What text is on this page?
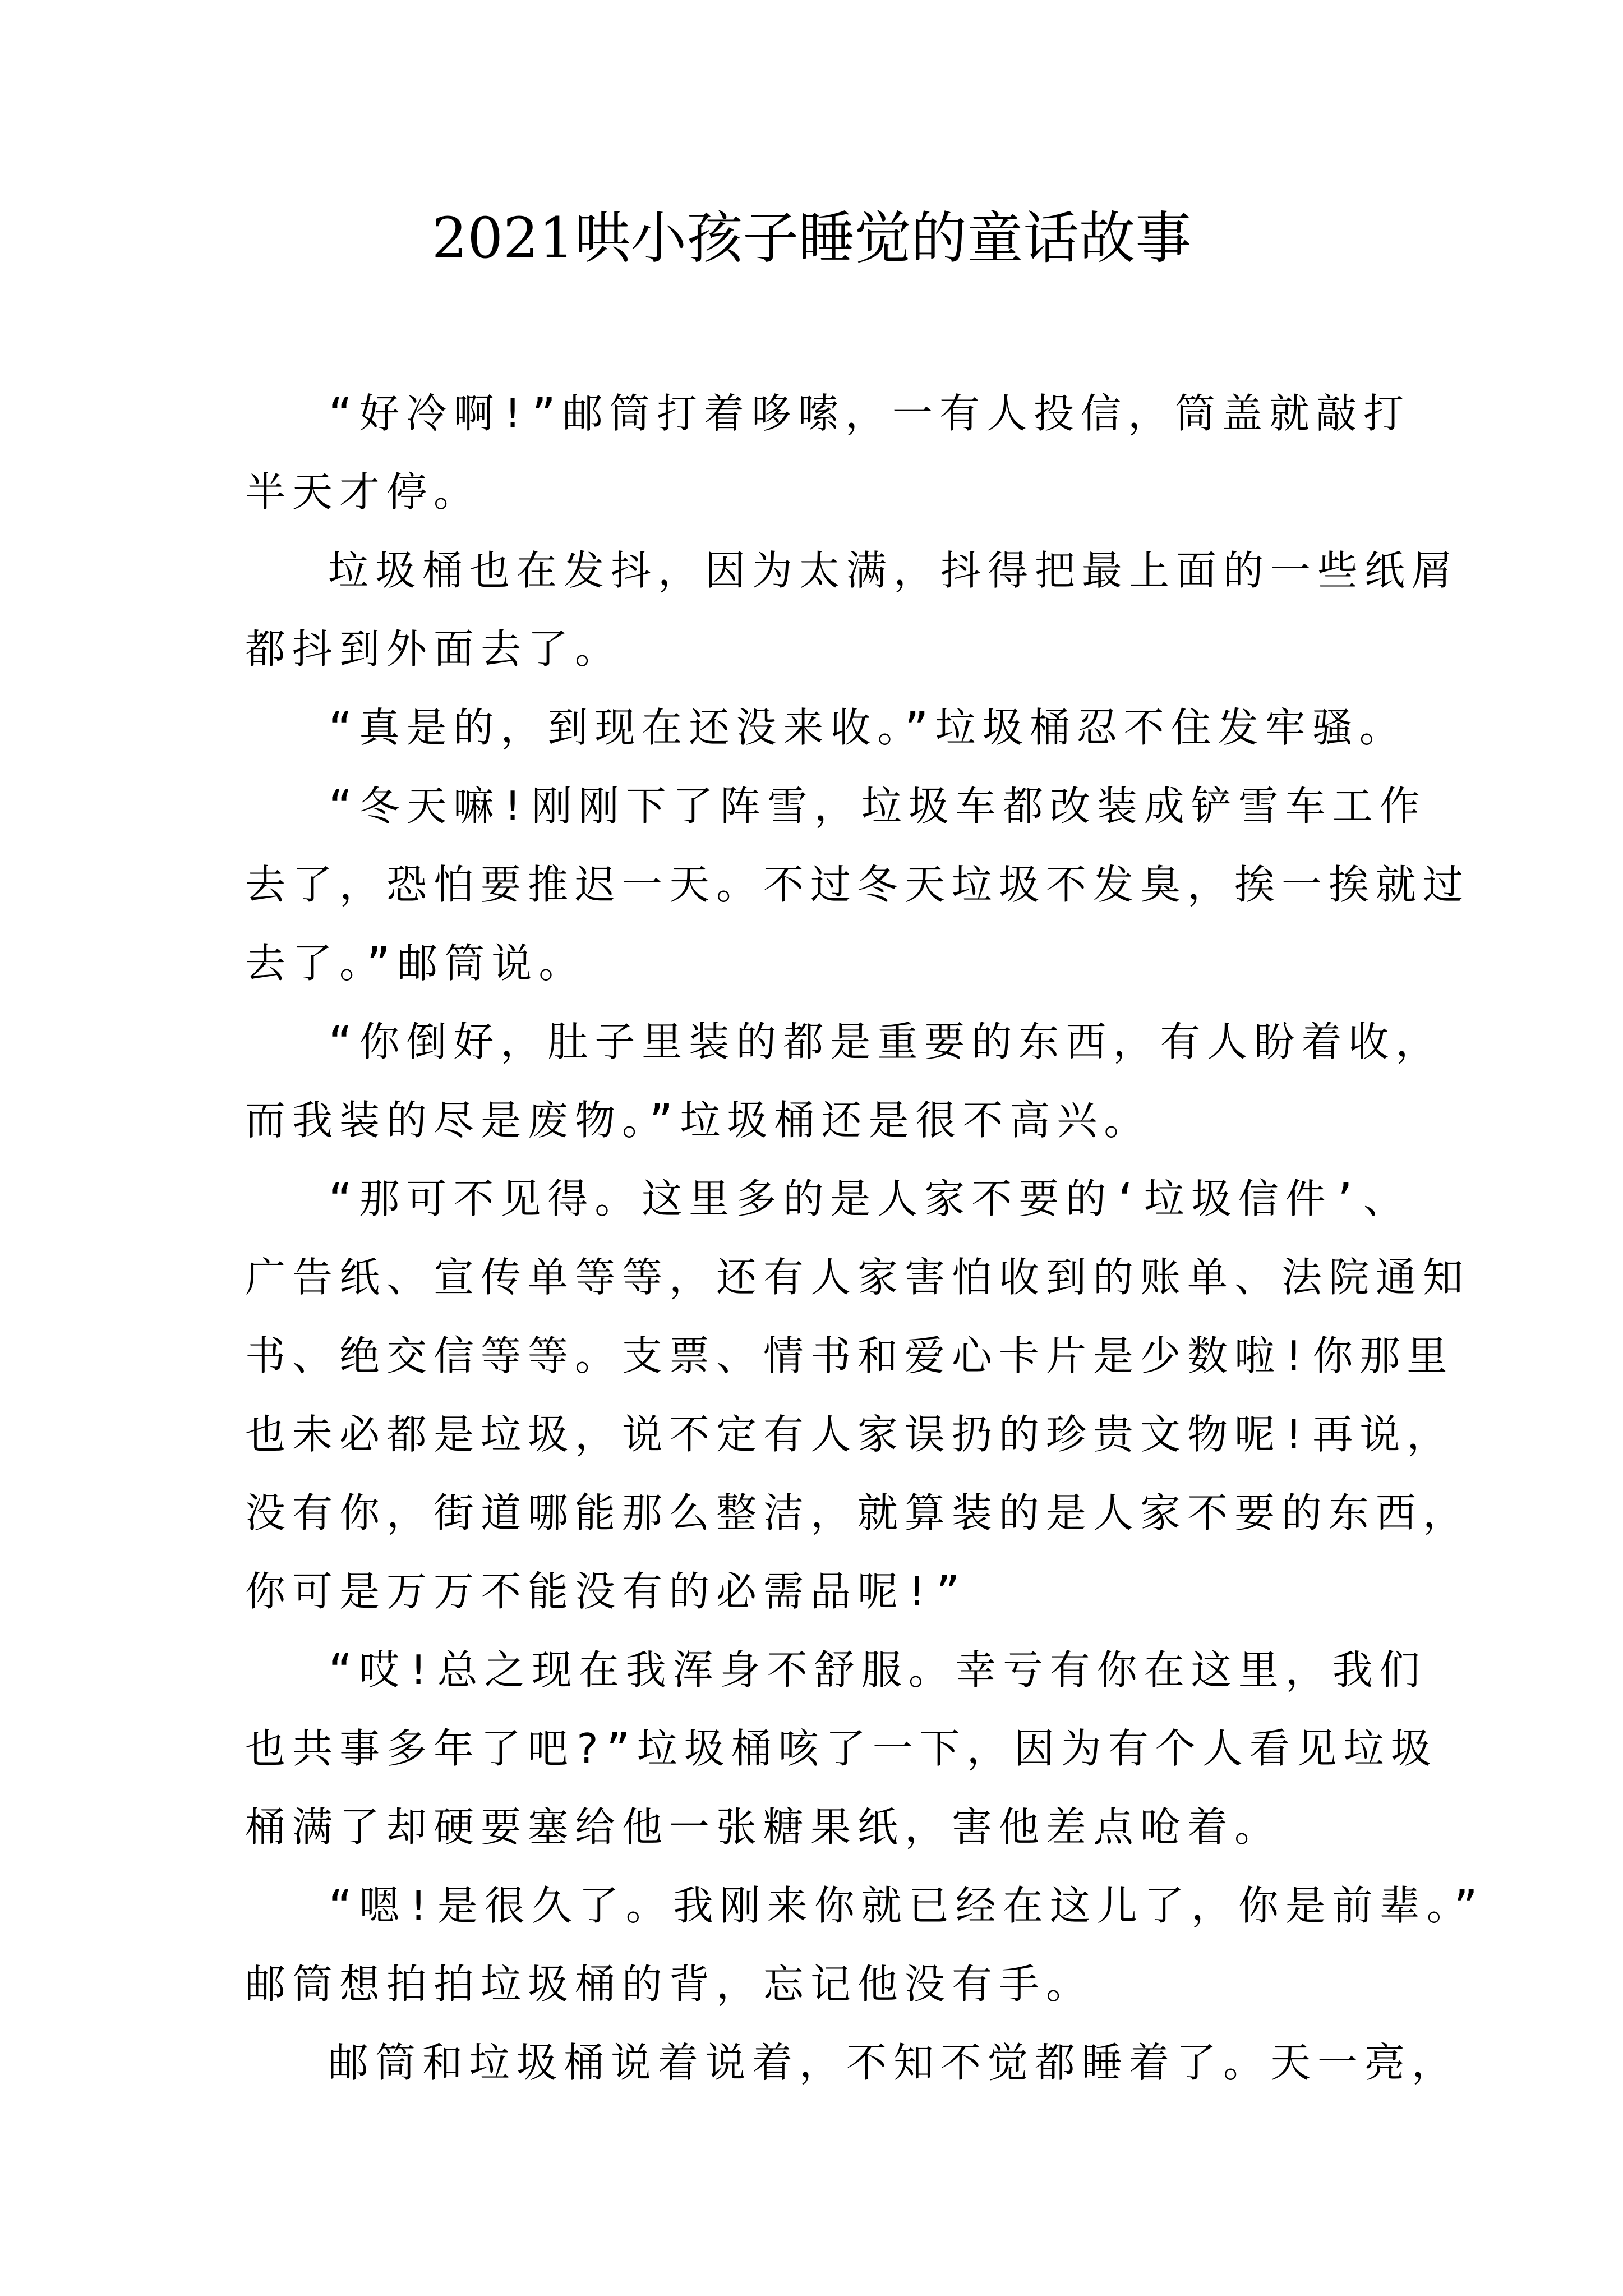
2021哄小孩子睡觉的童话故事
“好冷啊!”邮筒打着哆嗦，一有人投信，筒盖就敲打
半天才停。
垃圾桶也在发抖，因为太满，抖得把最上面的一些纸屑
都抖到外面去了。
“真是的，到现在还没来收。”垃圾桶忍不住发牢骚。
“冬天嘛!刚刚下了阵雪，垃圾车都改装成铲雪车工作
去了，恐怕要推迟一天。不过冬天垃圾不发臭，挨一挨就过
去了。”邮筒说。
“你倒好，肚子里装的都是重要的东西，有人盼着收，
而我装的尽是废物。”垃圾桶还是很不高兴。
“那可不见得。这里多的是人家不要的‘垃圾信件’、
广告纸、宣传单等等，还有人家害怕收到的账单、法院通知
书、绝交信等等。支票、情书和爱心卡片是少数啦!你那里
也未必都是垃圾，说不定有人家误扔的珍贵文物呢!再说，
没有你，街道哪能那么整洁，就算装的是人家不要的东西，
你可是万万不能没有的必需品呢!”
“哎!总之现在我浑身不舒服。幸亏有你在这里，我们
也共事多年了吧?”垃圾桶咳了一下，因为有个人看见垃圾
桶满了却硬要塞给他一张糖果纸，害他差点呛着。
“嗯!是很久了。我刚来你就已经在这儿了，你是前辈。”
邮筒想拍拍垃圾桶的背，忘记他没有手。
邮筒和垃圾桶说着说着，不知不觉都睡着了。天一亮，
